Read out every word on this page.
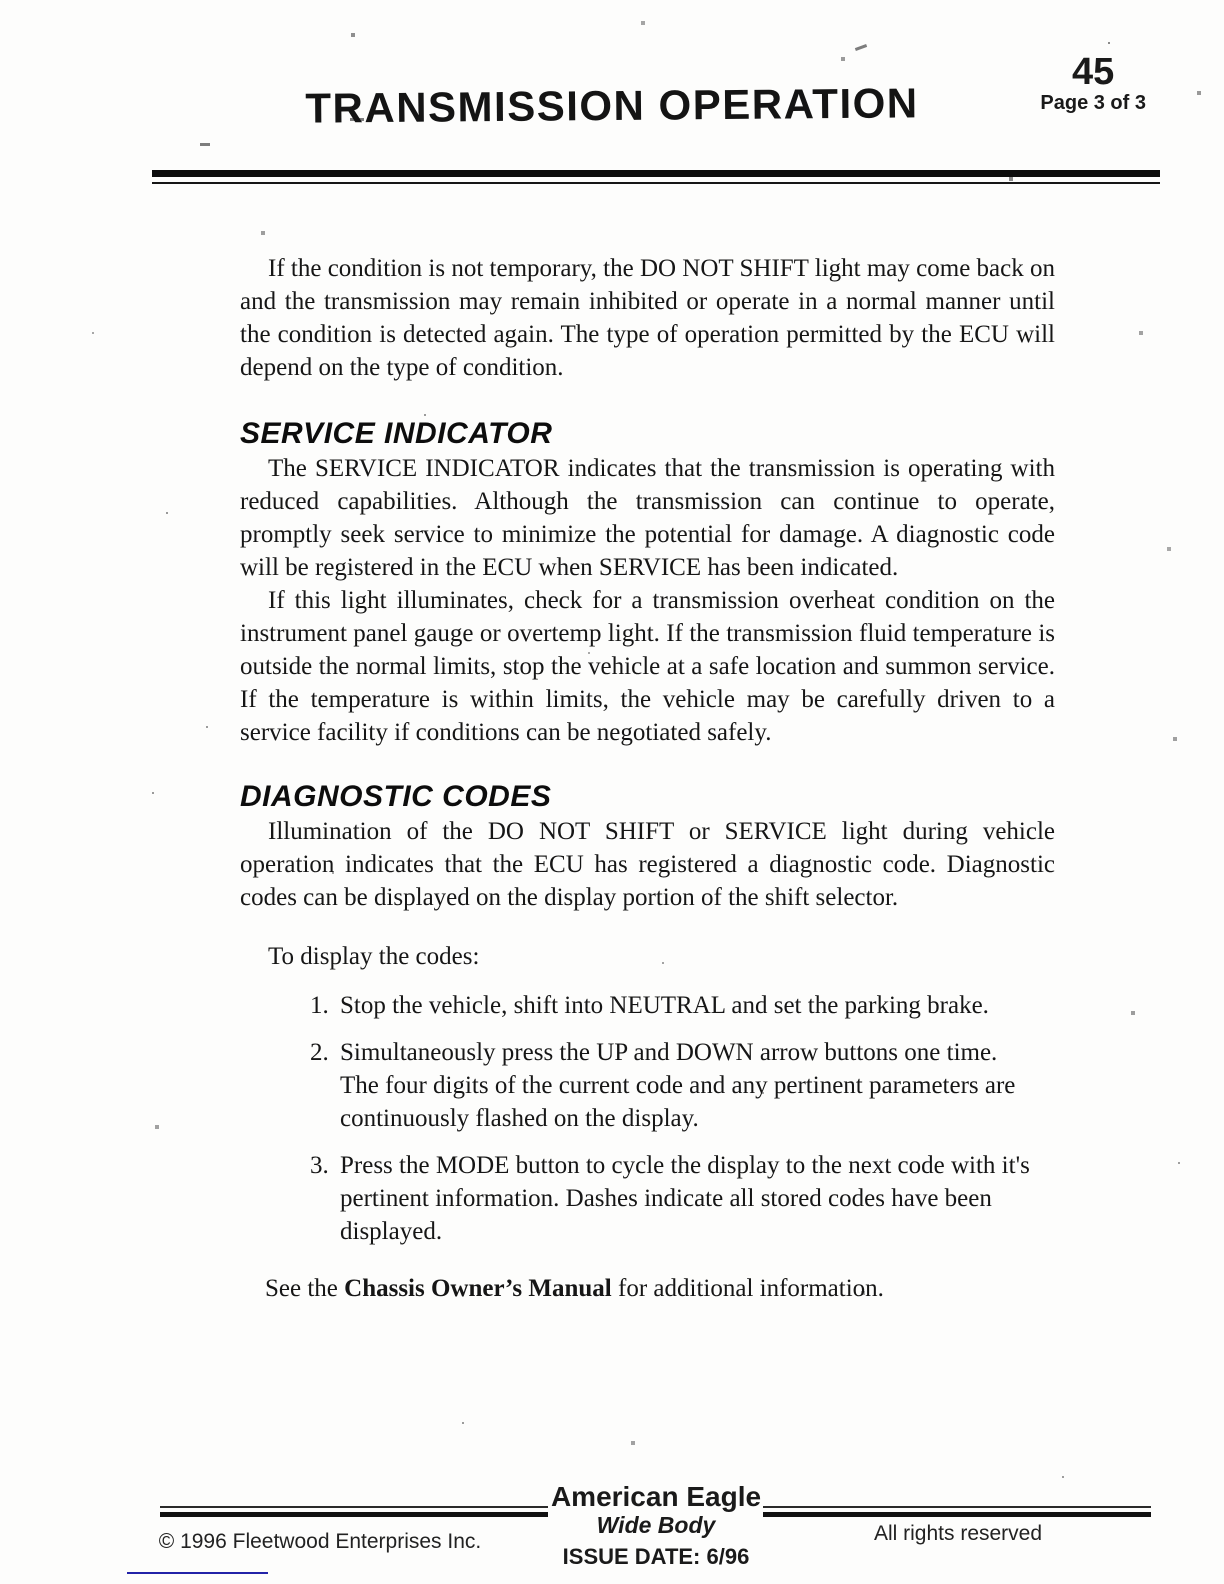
TRANSMISSION OPERATION
45
Page 3 of 3

If the condition is not temporary, the DO NOT SHIFT light may come back on and the transmission may remain inhibited or operate in a normal manner until the condition is detected again. The type of operation permitted by the ECU will depend on the type of condition.

SERVICE INDICATOR

The SERVICE INDICATOR indicates that the transmission is operating with reduced capabilities. Although the transmission can continue to operate, promptly seek service to minimize the potential for damage. A diagnostic code will be registered in the ECU when SERVICE has been indicated.

If this light illuminates, check for a transmission overheat condition on the instrument panel gauge or overtemp light. If the transmission fluid temperature is outside the normal limits, stop the vehicle at a safe location and summon service. If the temperature is within limits, the vehicle may be carefully driven to a service facility if conditions can be negotiated safely.

DIAGNOSTIC CODES

Illumination of the DO NOT SHIFT or SERVICE light during vehicle operation indicates that the ECU has registered a diagnostic code. Diagnostic codes can be displayed on the display portion of the shift selector.

To display the codes:
1. Stop the vehicle, shift into NEUTRAL and set the parking brake.
2. Simultaneously press the UP and DOWN arrow buttons one time. The four digits of the current code and any pertinent parameters are continuously flashed on the display.
3. Press the MODE button to cycle the display to the next code with it's pertinent information. Dashes indicate all stored codes have been displayed.
See the Chassis Owner’s Manual for additional information.
American Eagle
Wide Body
ISSUE DATE: 6/96
© 1996 Fleetwood Enterprises Inc.	All rights reserved
